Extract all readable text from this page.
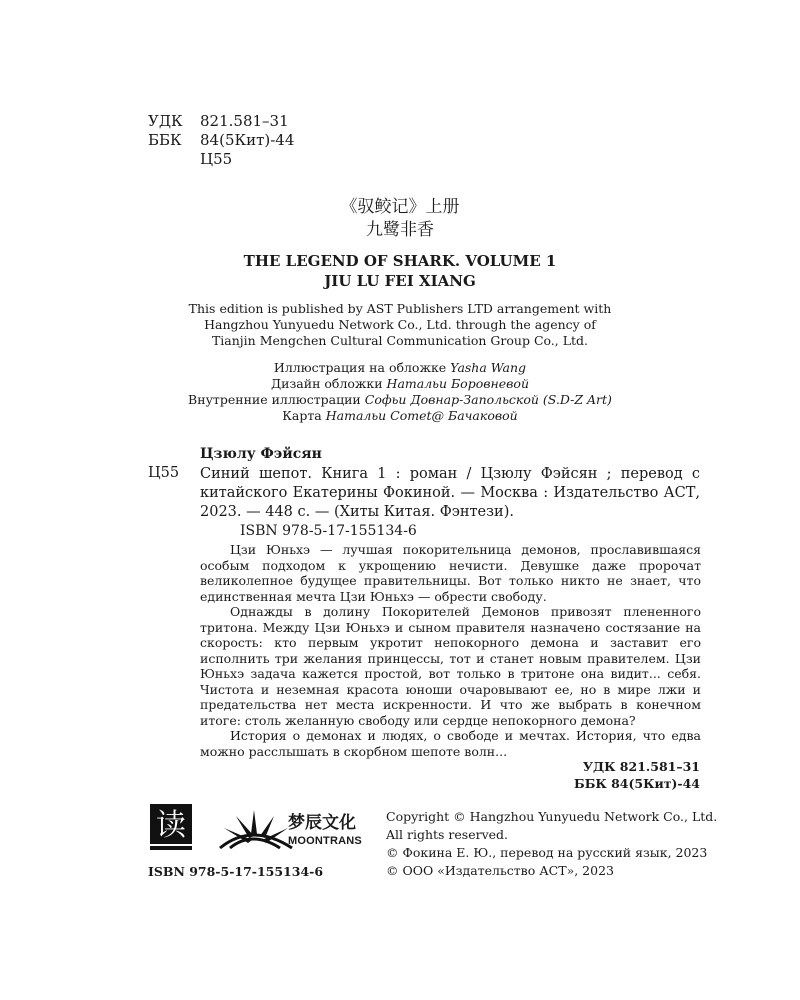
УДК	821.581–31
ББК	84(5Кит)-44
Ц55
《驭鲛记》上册
九鹭非香
THE LEGEND OF SHARK. VOLUME 1
JIU LU FEI XIANG
This edition is published by AST Publishers LTD arrangement with
Hangzhou Yunyuedu Network Co., Ltd. through the agency of
Tianjin Mengchen Cultural Communication Group Co., Ltd.
Иллюстрация на обложке Yasha Wang
Дизайн обложки Натальи Боровневой
Внутренние иллюстрации Софьи Довнар-Запольской (S.D-Z Art)
Карта Натальи Comet@ Бачаковой
Цзюлу Фэйсян
Ц55 Синий шепот. Книга 1 : роман / Цзюлу Фэйсян ; перевод с китайского Екатерины Фокиной. — Москва : Издательство АСТ, 2023. — 448 с. — (Хиты Китая. Фэнтези).
ISBN 978-5-17-155134-6

Цзи Юньхэ — лучшая покорительница демонов, прославившаяся особым подходом к укрощению нечисти. Девушке даже пророчат великолепное будущее правительницы. Вот только никто не знает, что единственная мечта Цзи Юньхэ — обрести свободу.

Однажды в долину Покорителей Демонов привозят плененного тритона. Между Цзи Юньхэ и сыном правителя назначено состязание на скорость: кто первым укротит непокорного демона и заставит его исполнить три желания принцессы, тот и станет новым правителем. Цзи Юньхэ задача кажется простой, вот только в тритоне она видит... себя. Чистота и неземная красота юноши очаровывают ее, но в мире лжи и предательства нет места искренности. И что же выбрать в конечном итоге: столь желанную свободу или сердце непокорного демона?

История о демонах и людях, о свободе и мечтах. История, что едва можно расслышать в скорбном шепоте волн...

УДК 821.581–31
ББК 84(5Кит)-44
读	梦辰文化
MOONTRANS
ISBN 978-5-17-155134-6
Copyright © Hangzhou Yunyuedu Network Co., Ltd.
All rights reserved.
© Фокина Е. Ю., перевод на русский язык, 2023
© ООО «Издательство АСТ», 2023
